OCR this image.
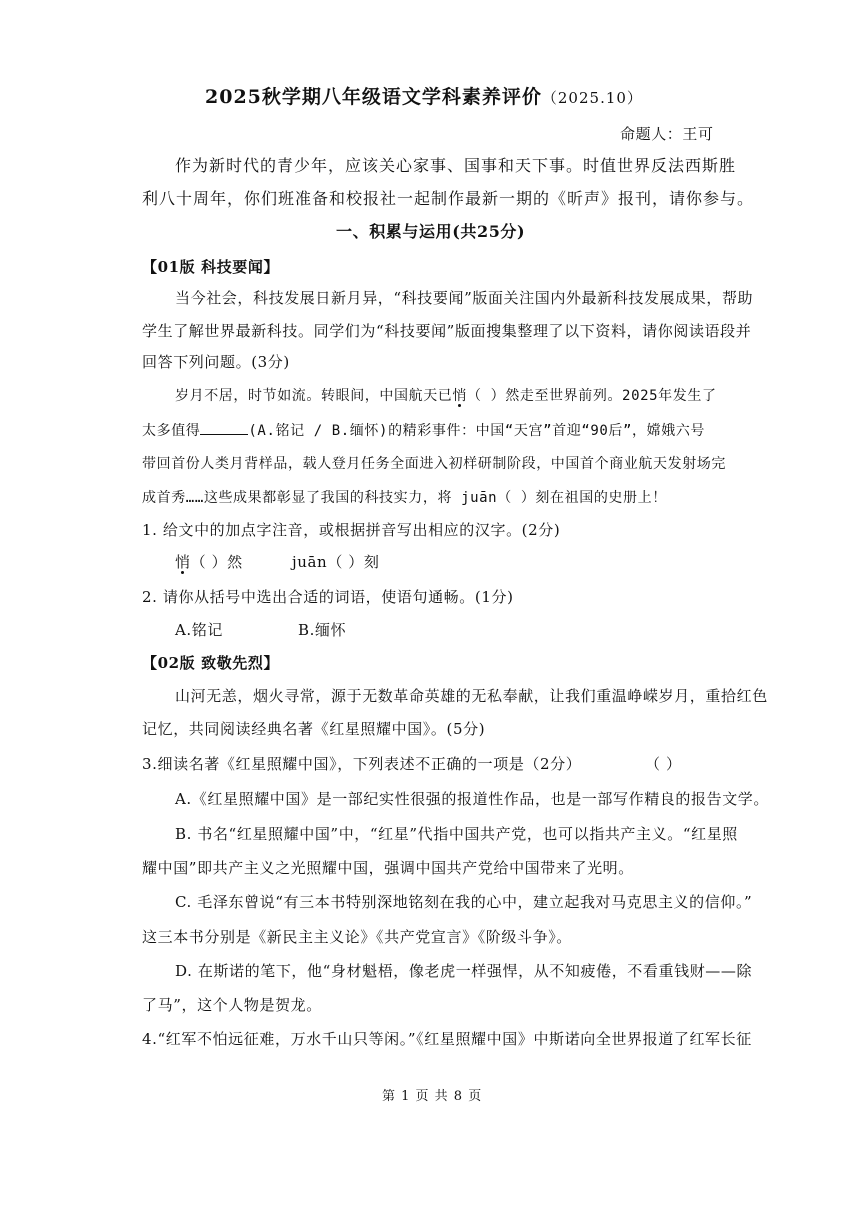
2025秋学期八年级语文学科素养评价（2025.10）
命题人：王可
作为新时代的青少年，应该关心家事、国事和天下事。时值世界反法西斯胜
利八十周年，你们班准备和校报社一起制作最新一期的《昕声》报刊，请你参与。
一、积累与运用(共25分)
【01版 科技要闻】
当今社会，科技发展日新月异，“科技要闻”版面关注国内外最新科技发展成果，帮助
学生了解世界最新科技。同学们为“科技要闻”版面搜集整理了以下资料，请你阅读语段并
回答下列问题。(3分)
岁月不居，时节如流。转眼间，中国航天已悄（ ）然走至世界前列。2025年发生了
太多值得	(A.铭记 / B.缅怀)的精彩事件：中国“天宫”首迎“90后”，嫦娥六号
带回首份人类月背样品，载人登月任务全面进入初样研制阶段，中国首个商业航天发射场完
成首秀……这些成果都彰显了我国的科技实力，将 juān（ ）刻在祖国的史册上！
1. 给文中的加点字注音，或根据拼音写出相应的汉字。(2分)
悄（ ）然	juān（ ）刻
2. 请你从括号中选出合适的词语，使语句通畅。(1分)
A.铭记	B.缅怀
【02版 致敬先烈】
山河无恙，烟火寻常，源于无数革命英雄的无私奉献，让我们重温峥嵘岁月，重拾红色
记忆，共同阅读经典名著《红星照耀中国》。(5分)
3.细读名著《红星照耀中国》，下列表述不正确的一项是（2分）	（ ）
A.《红星照耀中国》是一部纪实性很强的报道性作品，也是一部写作精良的报告文学。
B. 书名“红星照耀中国”中，“红星”代指中国共产党，也可以指共产主义。“红星照
耀中国”即共产主义之光照耀中国，强调中国共产党给中国带来了光明。
C. 毛泽东曾说“有三本书特别深地铭刻在我的心中，建立起我对马克思主义的信仰。”
这三本书分别是《新民主主义论》《共产党宣言》《阶级斗争》。
D. 在斯诺的笔下，他“身材魁梧，像老虎一样强悍，从不知疲倦，不看重钱财——除
了马”，这个人物是贺龙。
4.“红军不怕远征难，万水千山只等闲。”《红星照耀中国》中斯诺向全世界报道了红军长征
第 1 页 共 8 页
